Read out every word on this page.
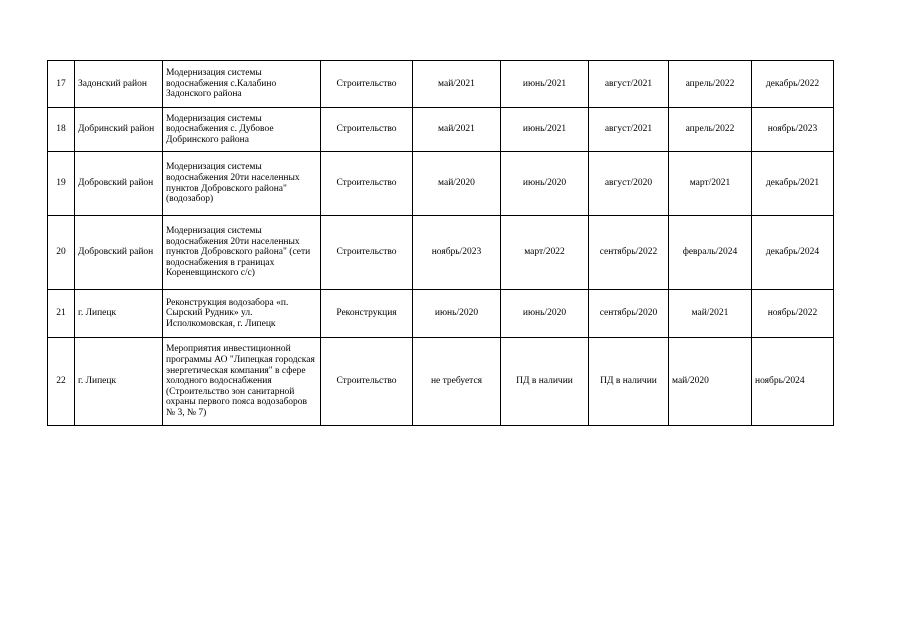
17	Задонский район	Модернизация системы водоснабжения с.Калабино Задонского района	Строительство	май/2021	июнь/2021	август/2021	апрель/2022	декабрь/2022
18	Добринский район	Модернизация системы водоснабжения с. Дубовое Добринского района	Строительство	май/2021	июнь/2021	август/2021	апрель/2022	ноябрь/2023
19	Добровский район	Модернизация системы водоснабжения 20ти населенных пунктов Добровского района" (водозабор)	Строительство	май/2020	июнь/2020	август/2020	март/2021	декабрь/2021
20	Добровский район	Модернизация системы водоснабжения 20ти населенных пунктов Добровского района" (сети водоснабжения в границах Кореневщинского с/с)	Строительство	ноябрь/2023	март/2022	сентябрь/2022	февраль/2024	декабрь/2024
21	г. Липецк	Реконструкция водозабора «п. Сырский Рудник» ул. Исполкомовская, г. Липецк	Реконструкция	июнь/2020	июнь/2020	сентябрь/2020	май/2021	ноябрь/2022
22	г. Липецк	Мероприятия инвестиционной программы АО "Липецкая городская энергетическая компания" в сфере холодного водоснабжения (Строительство зон санитарной охраны первого пояса водозаборов № 3, № 7)	Строительство	не требуется	ПД в наличии	ПД в наличии	май/2020	ноябрь/2024
